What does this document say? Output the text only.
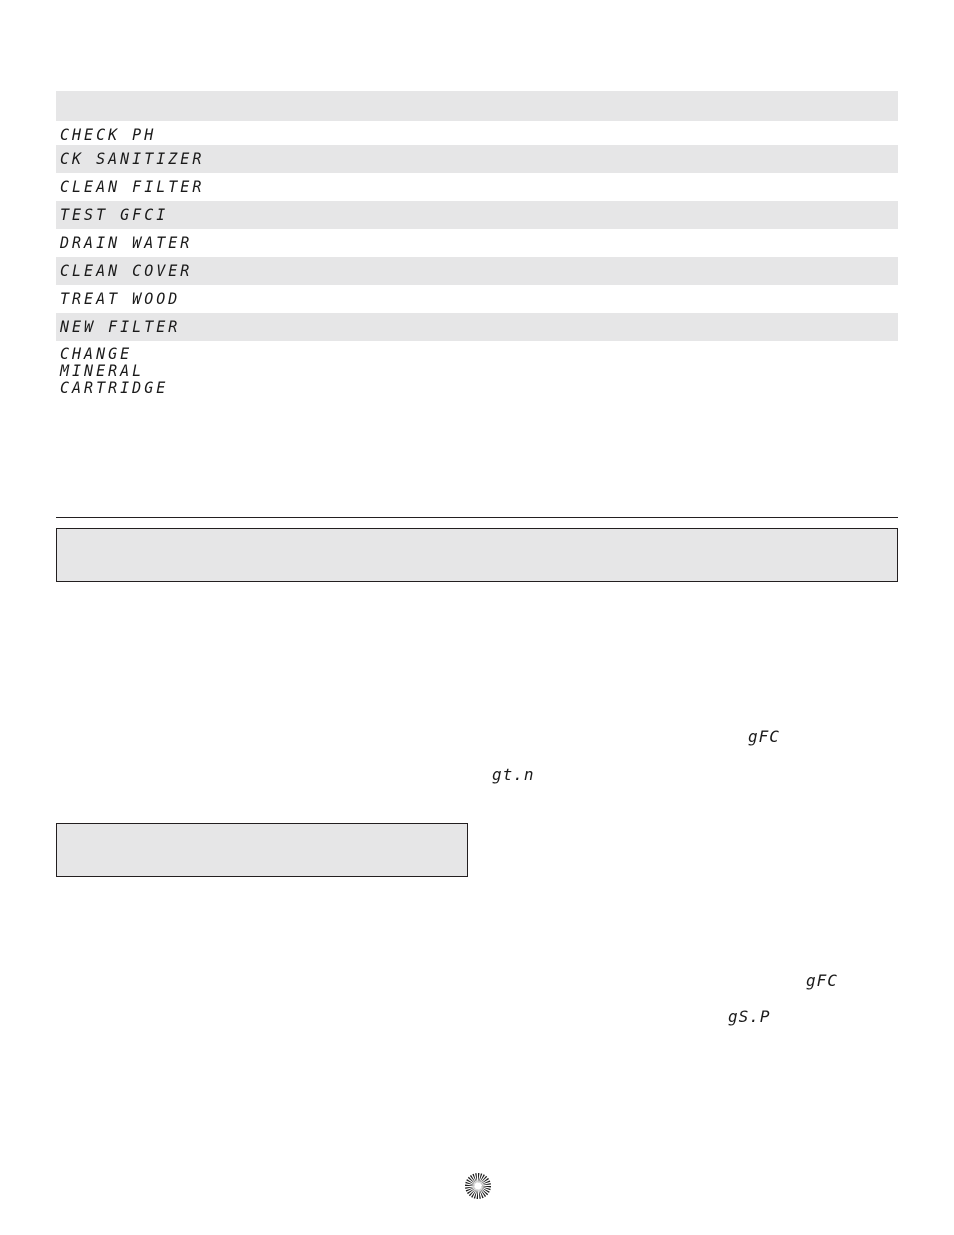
CHECK PH
CK SANITIZER
CLEAN FILTER
TEST GFCI
DRAIN WATER
CLEAN COVER
TREAT WOOD
NEW FILTER
CHANGE
MINERAL
CARTRIDGE
gFC
gt.n
gFC
gS.P
